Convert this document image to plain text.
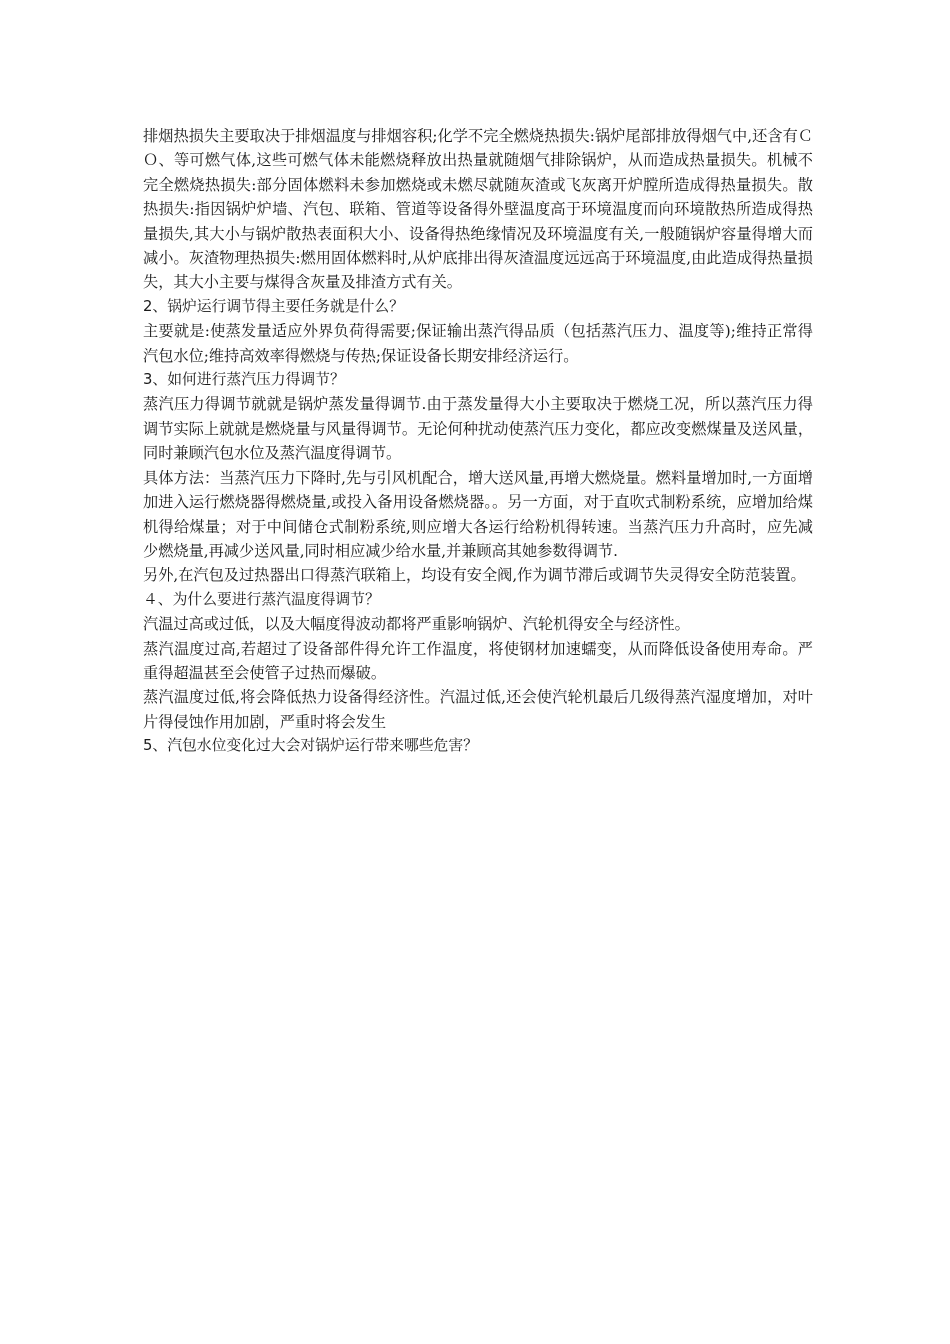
排烟热损失主要取决于排烟温度与排烟容积;化学不完全燃烧热损失:锅炉尾部排放得烟气中,还含有ＣＯ、等可燃气体,这些可燃气体未能燃烧释放出热量就随烟气排除锅炉，从而造成热量损失。机械不完全燃烧热损失:部分固体燃料未参加燃烧或未燃尽就随灰渣或飞灰离开炉膛所造成得热量损失。散热损失:指因锅炉炉墙、汽包、联箱、管道等设备得外壁温度高于环境温度而向环境散热所造成得热量损失,其大小与锅炉散热表面积大小、设备得热绝缘情况及环境温度有关,一般随锅炉容量得增大而减小。灰渣物理热损失:燃用固体燃料时,从炉底排出得灰渣温度远远高于环境温度,由此造成得热量损失，其大小主要与煤得含灰量及排渣方式有关。

2、锅炉运行调节得主要任务就是什么？

主要就是:使蒸发量适应外界负荷得需要;保证输出蒸汽得品质（包括蒸汽压力、温度等);维持正常得汽包水位;维持高效率得燃烧与传热;保证设备长期安排经济运行。

3、如何进行蒸汽压力得调节？

蒸汽压力得调节就就是锅炉蒸发量得调节.由于蒸发量得大小主要取决于燃烧工况，所以蒸汽压力得调节实际上就就是燃烧量与风量得调节。无论何种扰动使蒸汽压力变化，都应改变燃煤量及送风量，同时兼顾汽包水位及蒸汽温度得调节。

具体方法：当蒸汽压力下降时,先与引风机配合，增大送风量,再增大燃烧量。燃料量增加时,一方面增加进入运行燃烧器得燃烧量,或投入备用设备燃烧器。。另一方面，对于直吹式制粉系统，应增加给煤机得给煤量；对于中间储仓式制粉系统,则应增大各运行给粉机得转速。当蒸汽压力升高时，应先减少燃烧量,再减少送风量,同时相应减少给水量,并兼顾高其她参数得调节.

另外,在汽包及过热器出口得蒸汽联箱上，均设有安全阀,作为调节滞后或调节失灵得安全防范装置。

４、为什么要进行蒸汽温度得调节？

汽温过高或过低，以及大幅度得波动都将严重影响锅炉、汽轮机得安全与经济性。

蒸汽温度过高,若超过了设备部件得允许工作温度，将使钢材加速蠕变，从而降低设备使用寿命。严重得超温甚至会使管子过热而爆破。

蒸汽温度过低,将会降低热力设备得经济性。汽温过低,还会使汽轮机最后几级得蒸汽湿度增加，对叶片得侵蚀作用加剧，严重时将会发生

5、汽包水位变化过大会对锅炉运行带来哪些危害？
